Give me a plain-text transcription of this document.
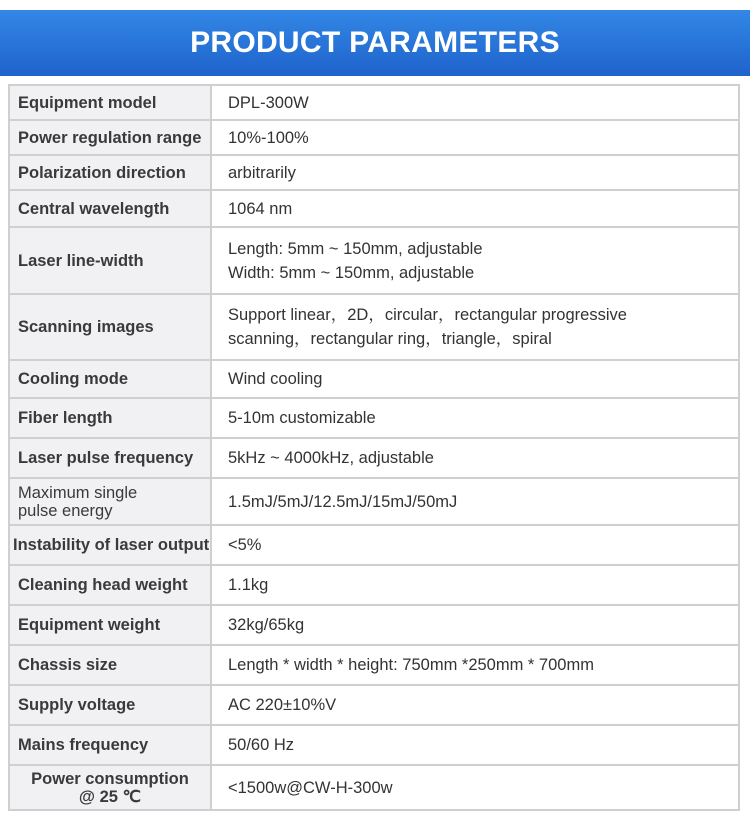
PRODUCT PARAMETERS
Equipment model	DPL-300W

Power regulation range	10%-100%

Polarization direction	arbitrarily

Central wavelength	1064 nm

Laser line-width	Length: 5mm ~ 150mm, adjustable
Width: 5mm ~ 150mm, adjustable

Scanning images	Support linear，2D，circular，rectangular progressive
scanning，rectangular ring，triangle，spiral

Cooling mode	Wind cooling

Fiber length	5-10m customizable

Laser pulse frequency	5kHz ~ 4000kHz, adjustable

Maximum single
pulse energy	1.5mJ/5mJ/12.5mJ/15mJ/50mJ

Instability of laser output	<5%

Cleaning head weight	1.1kg

Equipment weight	32kg/65kg

Chassis size	Length * width * height: 750mm *250mm * 700mm

Supply voltage	AC 220±10%V

Mains frequency	50/60 Hz

Power consumption
@ 25 ℃	<1500w@CW-H-300w
